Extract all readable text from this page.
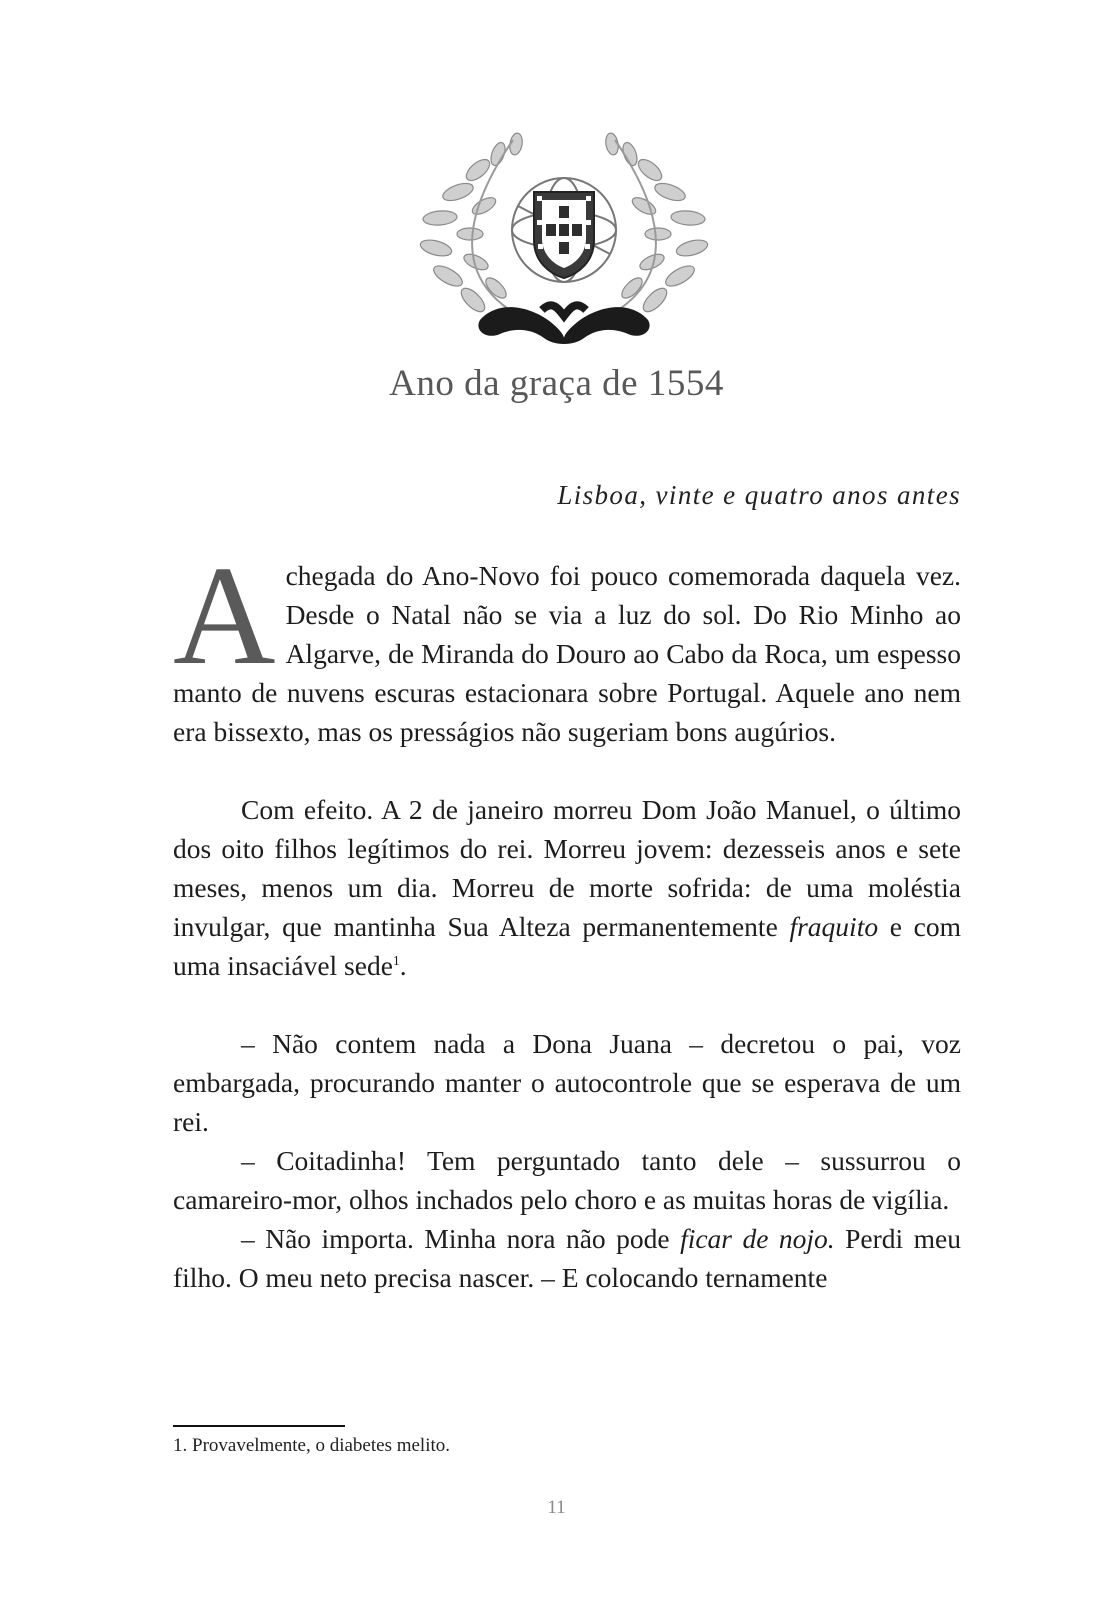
Ano da graça de 1554
Lisboa, vinte e quatro anos antes

A chegada do Ano-Novo foi pouco comemorada daquela vez. Desde o Natal não se via a luz do sol. Do Rio Minho ao Algarve, de Miranda do Douro ao Cabo da Roca, um espesso manto de nuvens escuras estacionara sobre Portugal. Aquele ano nem era bissexto, mas os presságios não sugeriam bons augúrios.

Com efeito. A 2 de janeiro morreu Dom João Manuel, o último dos oito filhos legítimos do rei. Morreu jovem: dezesseis anos e sete meses, menos um dia. Morreu de morte sofrida: de uma moléstia invulgar, que mantinha Sua Alteza permanentemente fraquito e com uma insaciável sede$^1$.

– Não contem nada a Dona Juana – decretou o pai, voz embargada, procurando manter o autocontrole que se esperava de um rei.

– Coitadinha! Tem perguntado tanto dele – sussurrou o camareiro-mor, olhos inchados pelo choro e as muitas horas de vigília.

– Não importa. Minha nora não pode ficar de nojo. Perdi meu filho. O meu neto precisa nascer. – E colocando ternamente

1. Provavelmente, o diabetes melito.
11
